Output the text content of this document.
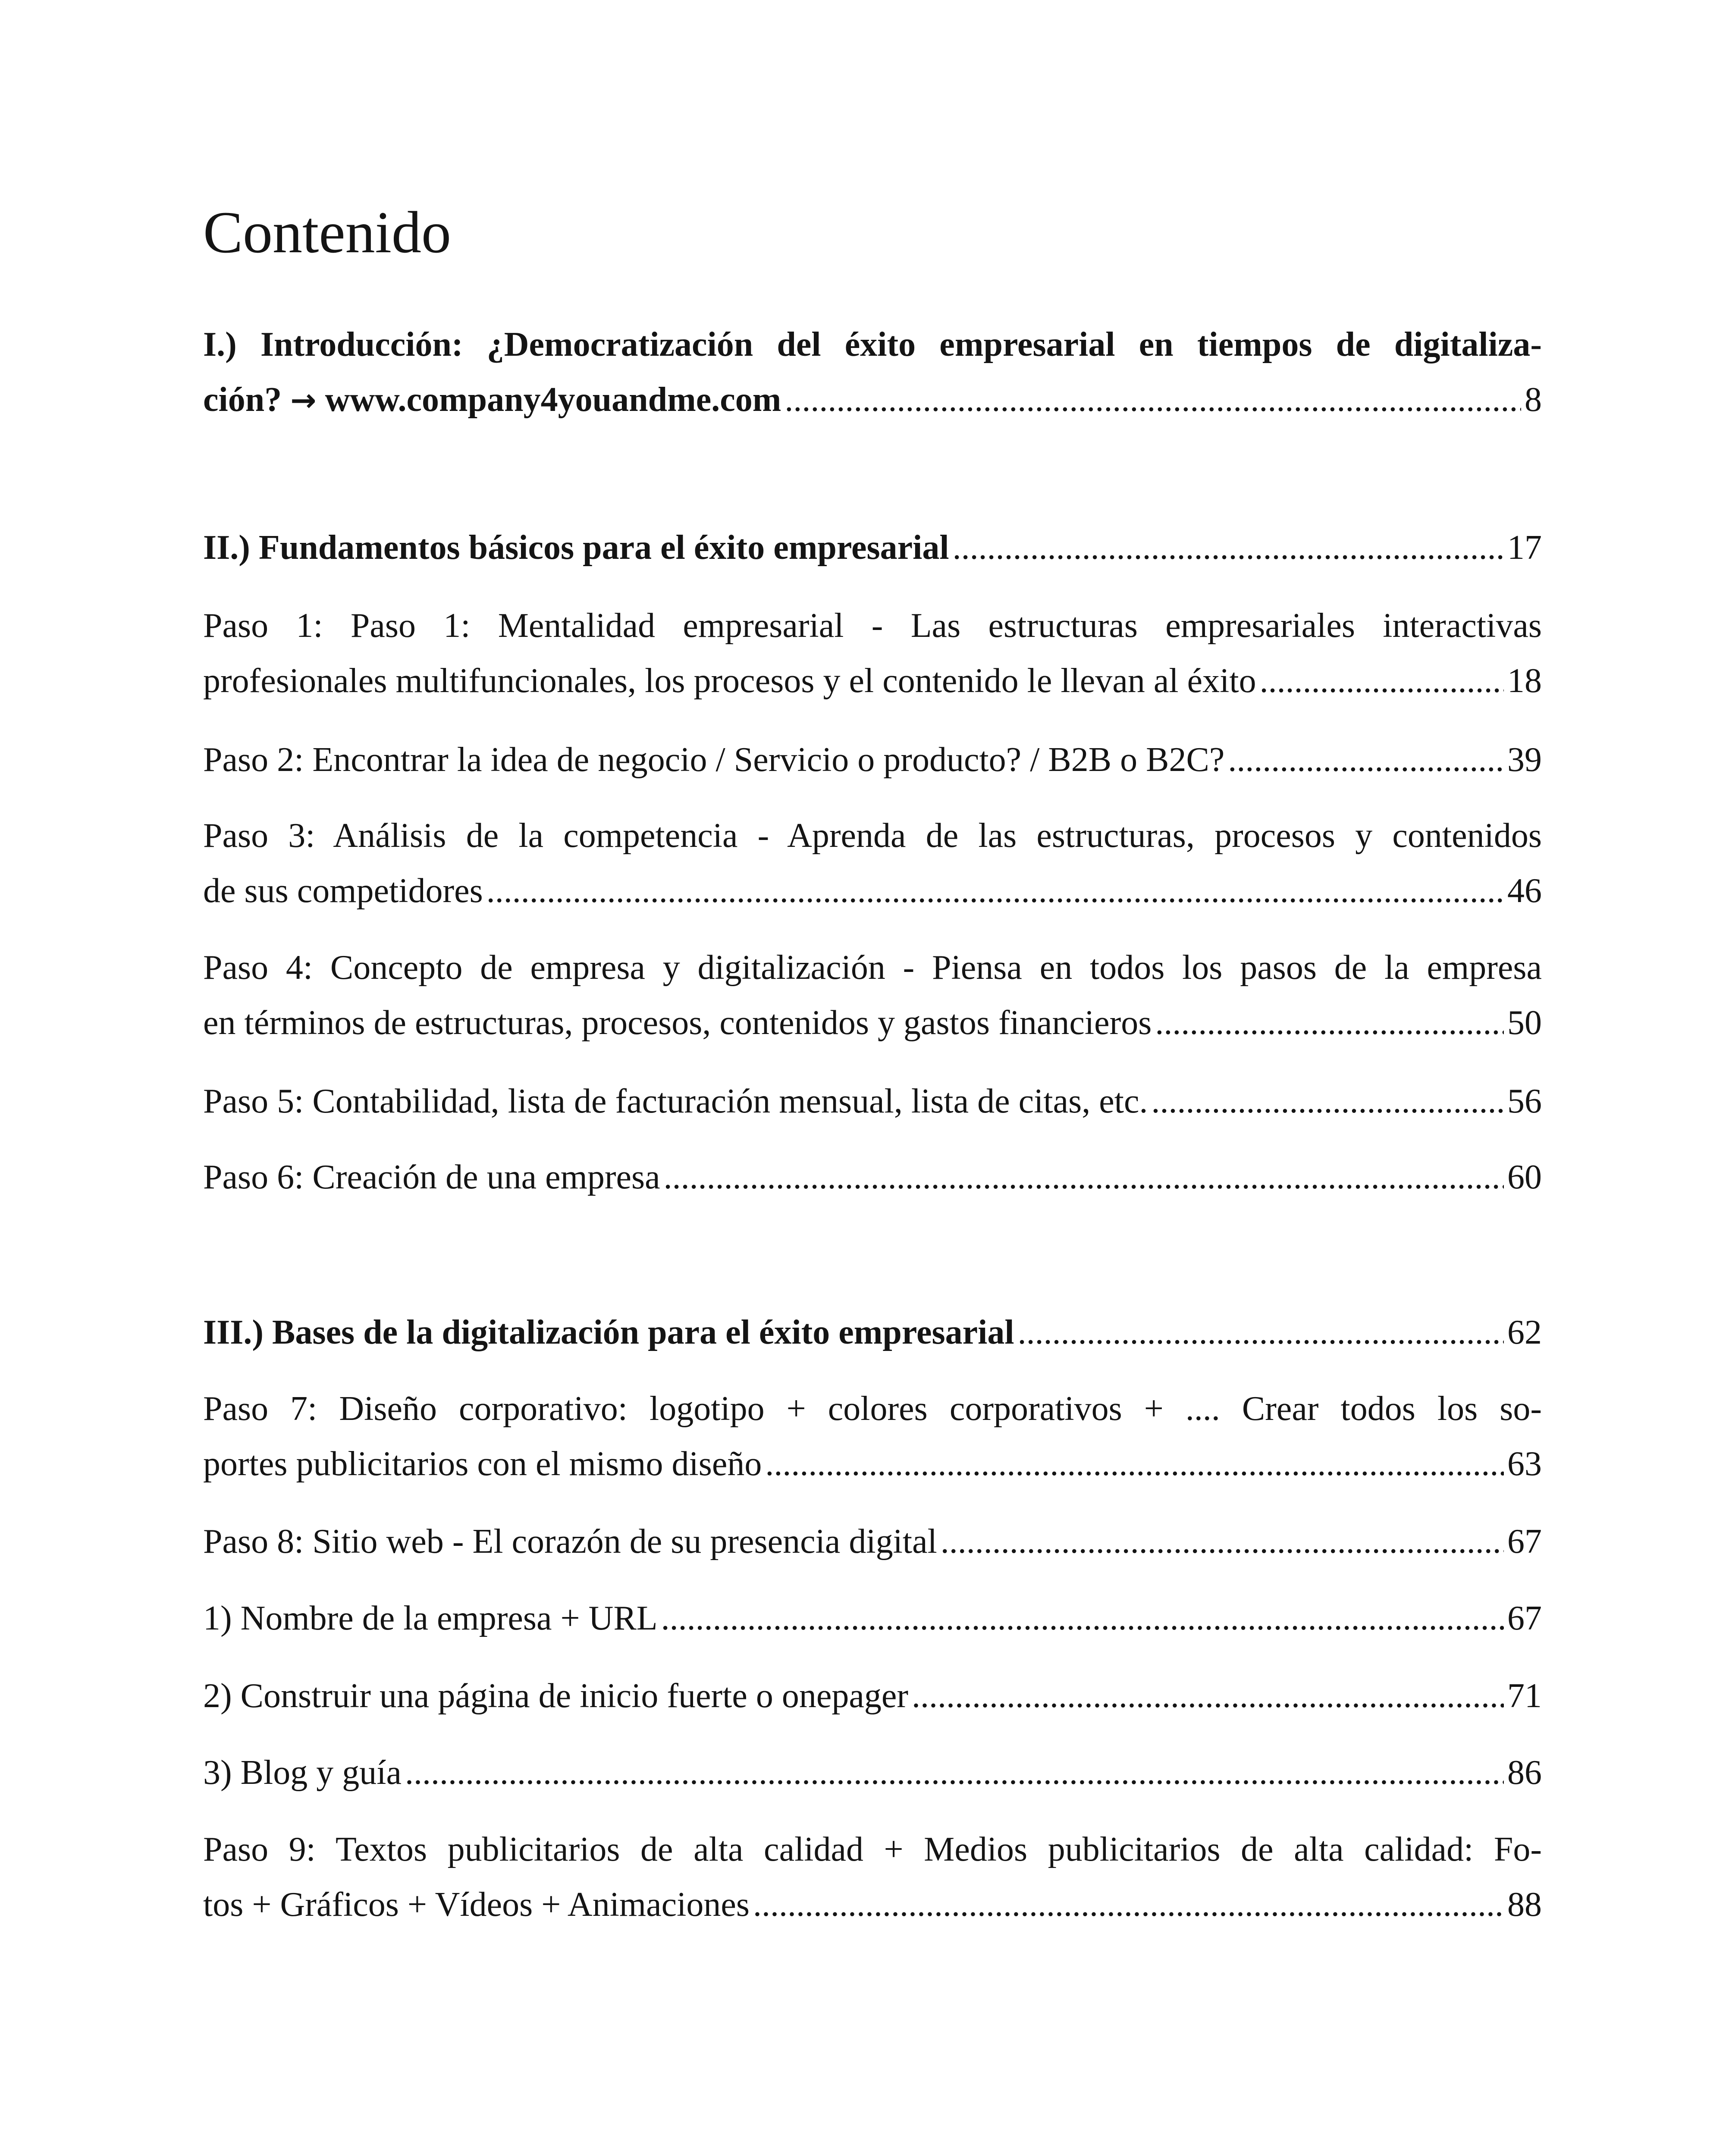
Contenido
I.) Introducción: ¿Democratización del éxito empresarial en tiempos de digitaliza-
ción? → www.company4youandme.com .....	8
II.) Fundamentos básicos para el éxito empresarial .....	17
Paso 1: Paso 1: Mentalidad empresarial - Las estructuras empresariales interactivas
profesionales multifuncionales, los procesos y el contenido le llevan al éxito .....	18
Paso 2: Encontrar la idea de negocio / Servicio o producto? / B2B o B2C? .....	39
Paso 3: Análisis de la competencia - Aprenda de las estructuras, procesos y contenidos
de sus competidores .....	46
Paso 4: Concepto de empresa y digitalización - Piensa en todos los pasos de la empresa
en términos de estructuras, procesos, contenidos y gastos financieros .....	50
Paso 5: Contabilidad, lista de facturación mensual, lista de citas, etc. .....	56
Paso 6: Creación de una empresa .....	60
III.) Bases de la digitalización para el éxito empresarial .....	62
Paso 7: Diseño corporativo: logotipo + colores corporativos + .... Crear todos los so-
portes publicitarios con el mismo diseño .....	63
Paso 8: Sitio web - El corazón de su presencia digital .....	67
1) Nombre de la empresa + URL .....	67
2) Construir una página de inicio fuerte o onepager .....	71
3) Blog y guía .....	86
Paso 9: Textos publicitarios de alta calidad + Medios publicitarios de alta calidad: Fo-
tos + Gráficos + Vídeos + Animaciones .....	88
